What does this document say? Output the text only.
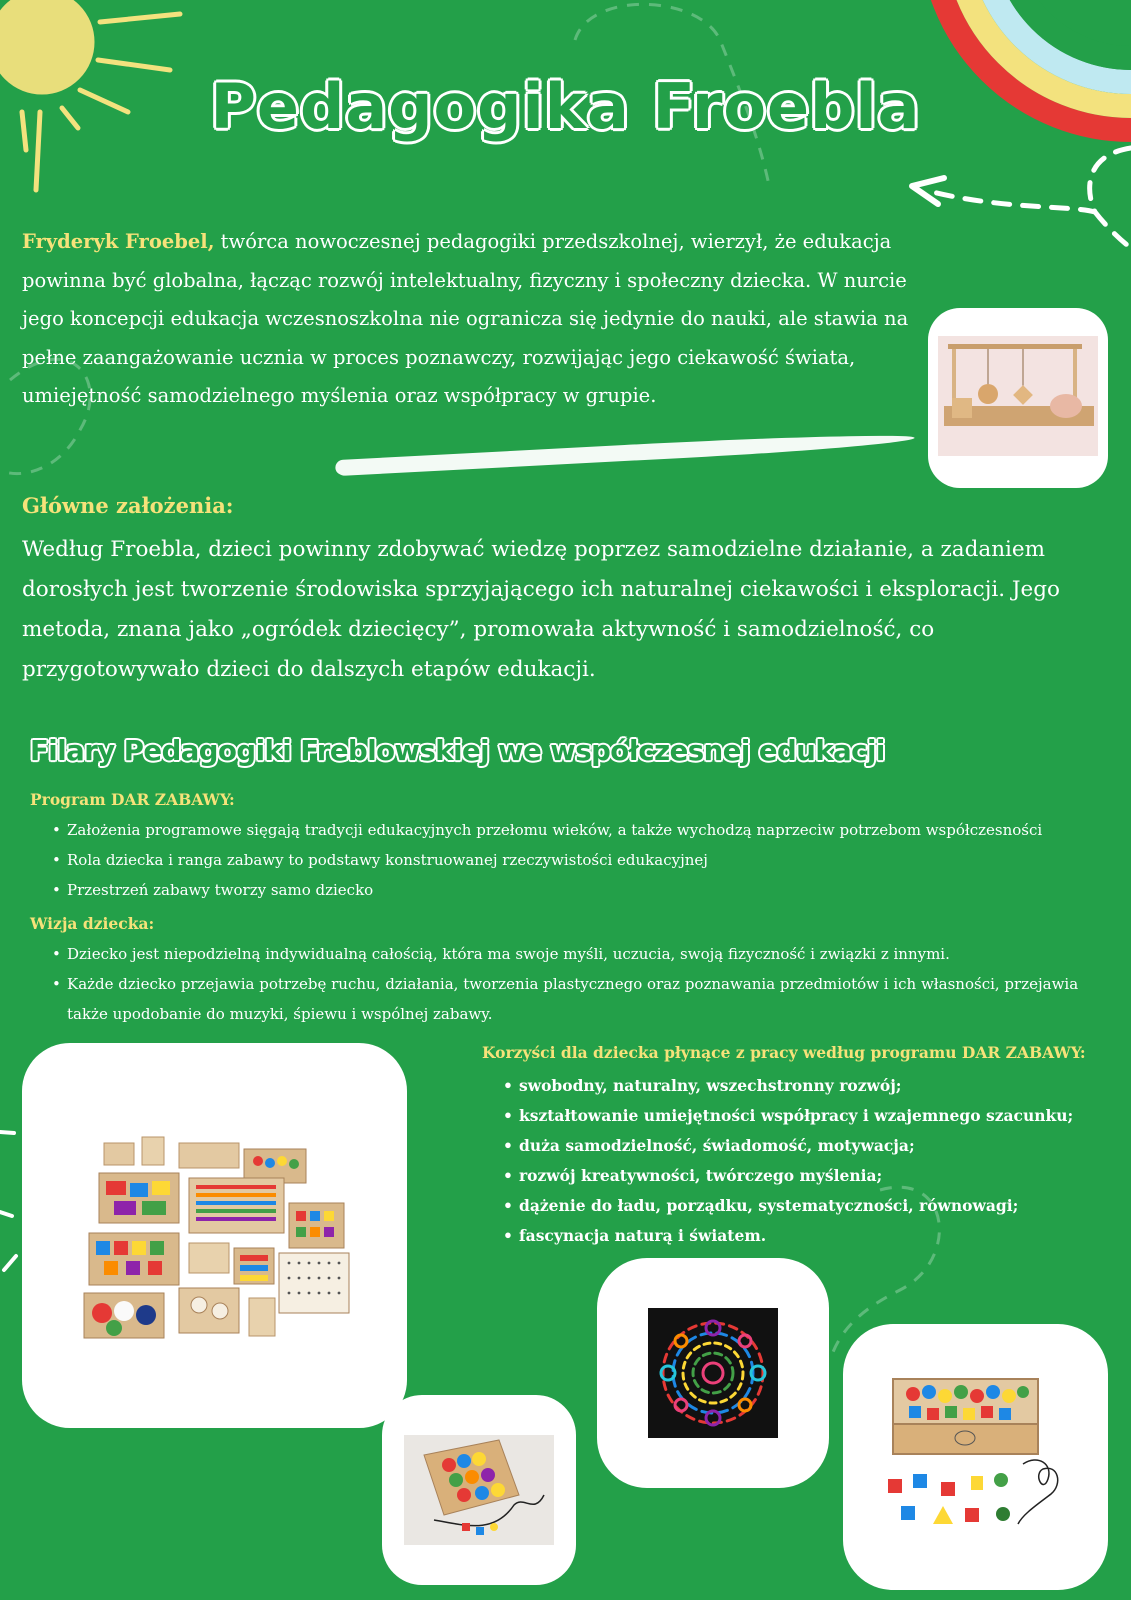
Pedagogika Froebla

Fryderyk Froebel, twórca nowoczesnej pedagogiki przedszkolnej, wierzył, że edukacja powinna być globalna, łącząc rozwój intelektualny, fizyczny i społeczny dziecka. W nurcie jego koncepcji edukacja wczesnoszkolna nie ogranicza się jedynie do nauki, ale stawia na pełne zaangażowanie ucznia w proces poznawczy, rozwijając jego ciekawość świata, umiejętność samodzielnego myślenia oraz współpracy w grupie.

Główne założenia:

Według Froebla, dzieci powinny zdobywać wiedzę poprzez samodzielne działanie, a zadaniem dorosłych jest tworzenie środowiska sprzyjającego ich naturalnej ciekawości i eksploracji. Jego metoda, znana jako „ogródek dziecięcy”, promowała aktywność i samodzielność, co przygotowywało dzieci do dalszych etapów edukacji.

Filary Pedagogiki Freblowskiej we współczesnej edukacji
Program DAR ZABAWY:
• Założenia programowe sięgają tradycji edukacyjnych przełomu wieków, a także wychodzą naprzeciw potrzebom współczesności
• Rola dziecka i ranga zabawy to podstawy konstruowanej rzeczywistości edukacyjnej
• Przestrzeń zabawy tworzy samo dziecko
Wizja dziecka:
• Dziecko jest niepodzielną indywidualną całością, która ma swoje myśli, uczucia, swoją fizyczność i związki z innymi.
• Każde dziecko przejawia potrzebę ruchu, działania, tworzenia plastycznego oraz poznawania przedmiotów i ich własności, przejawia także upodobanie do muzyki, śpiewu i wspólnej zabawy.
Korzyści dla dziecka płynące z pracy według programu DAR ZABAWY:
• swobodny, naturalny, wszechstronny rozwój;
• kształtowanie umiejętności współpracy i wzajemnego szacunku;
• duża samodzielność, świadomość, motywacja;
• rozwój kreatywności, twórczego myślenia;
• dążenie do ładu, porządku, systematyczności, równowagi;
• fascynacja naturą i światem.
